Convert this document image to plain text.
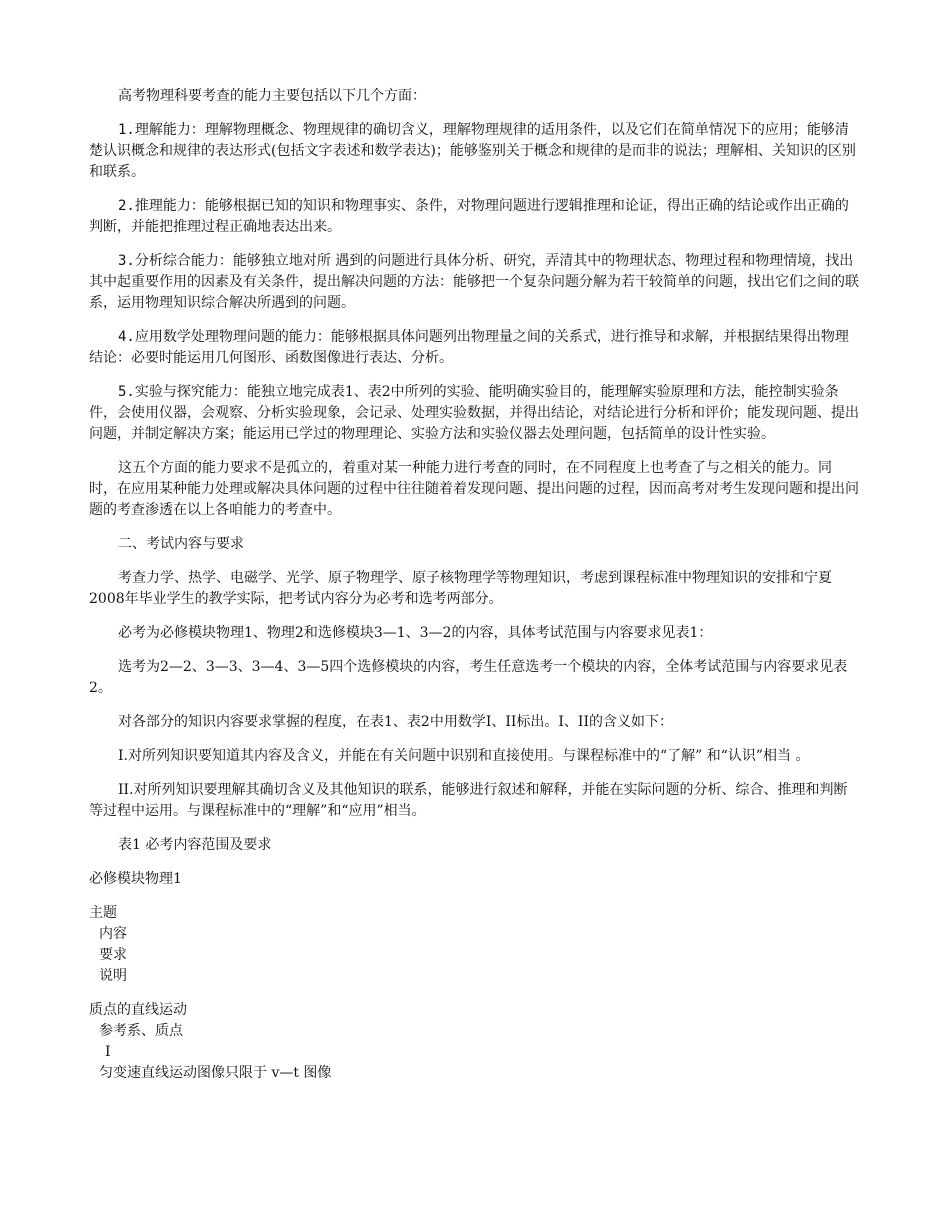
高考物理科要考查的能力主要包括以下几个方面：

1.理解能力：理解物理概念、物理规律的确切含义，理解物理规律的适用条件，以及它们在简单情况下的应用；能够清楚认识概念和规律的表达形式(包括文字表述和数学表达)；能够鉴别关于概念和规律的是而非的说法；理解相、关知识的区别和联系。

2.推理能力：能够根据已知的知识和物理事实、条件，对物理问题进行逻辑推理和论证，得出正确的结论或作出正确的判断，并能把推理过程正确地表达出来。

3.分析综合能力：能够独立地对所 遇到的问题进行具体分析、研究，弄清其中的物理状态、物理过程和物理情境，找出其中起重要作用的因素及有关条件，提出解决问题的方法：能够把一个复杂问题分解为若干较简单的问题，找出它们之间的联系，运用物理知识综合解决所遇到的问题。

4.应用数学处理物理问题的能力：能够根据具体问题列出物理量之间的关系式，进行推导和求解，并根据结果得出物理结论：必要时能运用几何图形、函数图像进行表达、分析。

5.实验与探究能力：能独立地完成表1、表2中所列的实验、能明确实验目的，能理解实验原理和方法，能控制实验条件，会使用仪器，会观察、分析实验现象，会记录、处理实验数据，并得出结论，对结论进行分析和评价；能发现问题、提出问题，并制定解决方案；能运用已学过的物理理论、实验方法和实验仪器去处理问题，包括简单的设计性实验。

这五个方面的能力要求不是孤立的，着重对某一种能力进行考查的同时，在不同程度上也考查了与之相关的能力。同时，在应用某种能力处理或解决具体问题的过程中往往随着着发现问题、提出问题的过程，因而高考对考生发现问题和提出问题的考查渗透在以上各咱能力的考查中。

二、考试内容与要求

考查力学、热学、电磁学、光学、原子物理学、原子核物理学等物理知识，考虑到课程标准中物理知识的安排和宁夏2008年毕业学生的教学实际，把考试内容分为必考和选考两部分。

必考为必修模块物理1、物理2和选修模块3—1、3—2的内容，具体考试范围与内容要求见表1：

选考为2—2、3—3、3—4、3—5四个选修模块的内容，考生任意选考一个模块的内容，全体考试范围与内容要求见表2。

对各部分的知识内容要求掌握的程度，在表1、表2中用数学I、II标出。I、II的含义如下：

I.对所列知识要知道其内容及含义，并能在有关问题中识别和直接使用。与课程标准中的“了解” 和“认识”相当 。

II.对所列知识要理解其确切含义及其他知识的联系，能够进行叙述和解释，并能在实际问题的分析、综合、推理和判断等过程中运用。与课程标准中的“理解”和“应用”相当。

表1 必考内容范围及要求

必修模块物理1

主题
内容
要求
说明
质点的直线运动
参考系、质点
Ⅰ
匀变速直线运动图像只限于 v—t 图像
